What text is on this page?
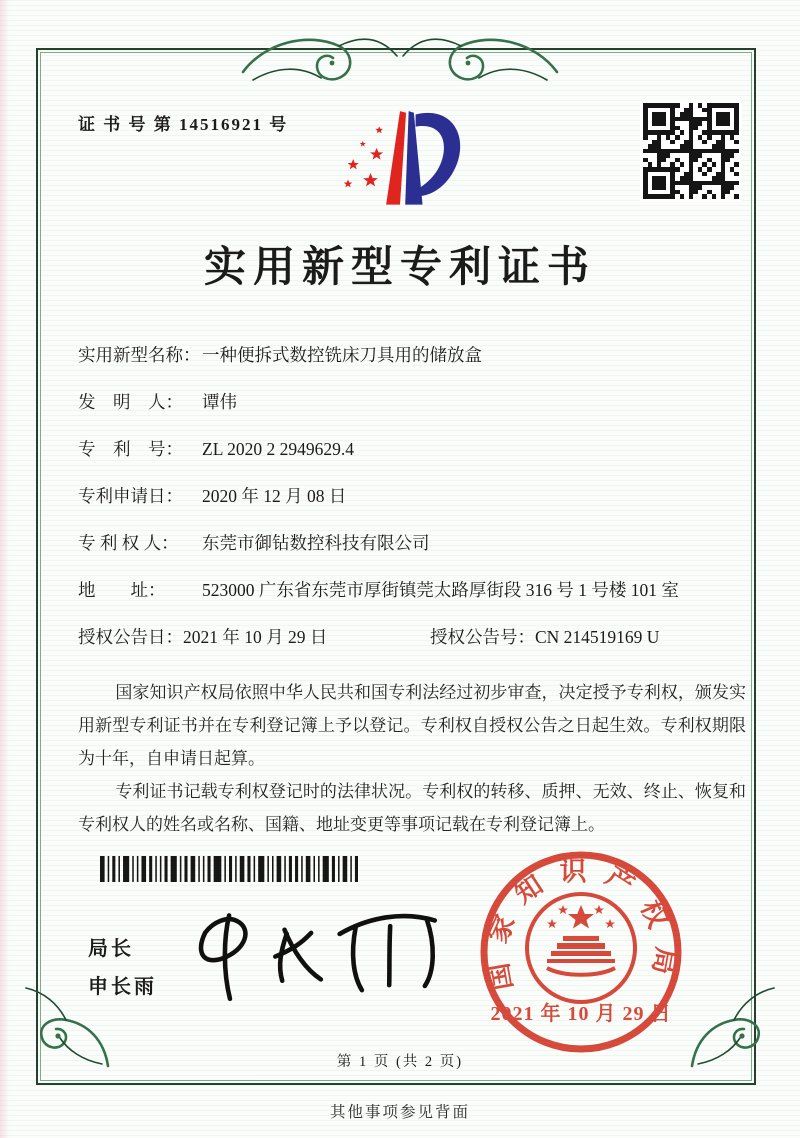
证 书 号 第 14516921 号
实用新型专利证书
实用新型名称： 一种便拆式数控铣床刀具用的储放盒
发　明　人：	谭伟
专　利　号：	ZL 2020 2 2949629.4
专利申请日：	2020 年 12 月 08 日
专 利 权 人：	东莞市御钻数控科技有限公司
地　　址：	523000 广东省东莞市厚街镇莞太路厚街段 316 号 1 号楼 101 室
授权公告日： 2021 年 10 月 29 日	授权公告号： CN 214519169 U

国家知识产权局依照中华人民共和国专利法经过初步审查，决定授予专利权，颁发实用新型专利证书并在专利登记簿上予以登记。专利权自授权公告之日起生效。专利权期限为十年，自申请日起算。

专利证书记载专利权登记时的法律状况。专利权的转移、质押、无效、终止、恢复和专利权人的姓名或名称、国籍、地址变更等事项记载在专利登记簿上。

局长
申长雨	国家知识产权局
2021 年 10 月 29 日
第 1 页 (共 2 页)
其他事项参见背面
